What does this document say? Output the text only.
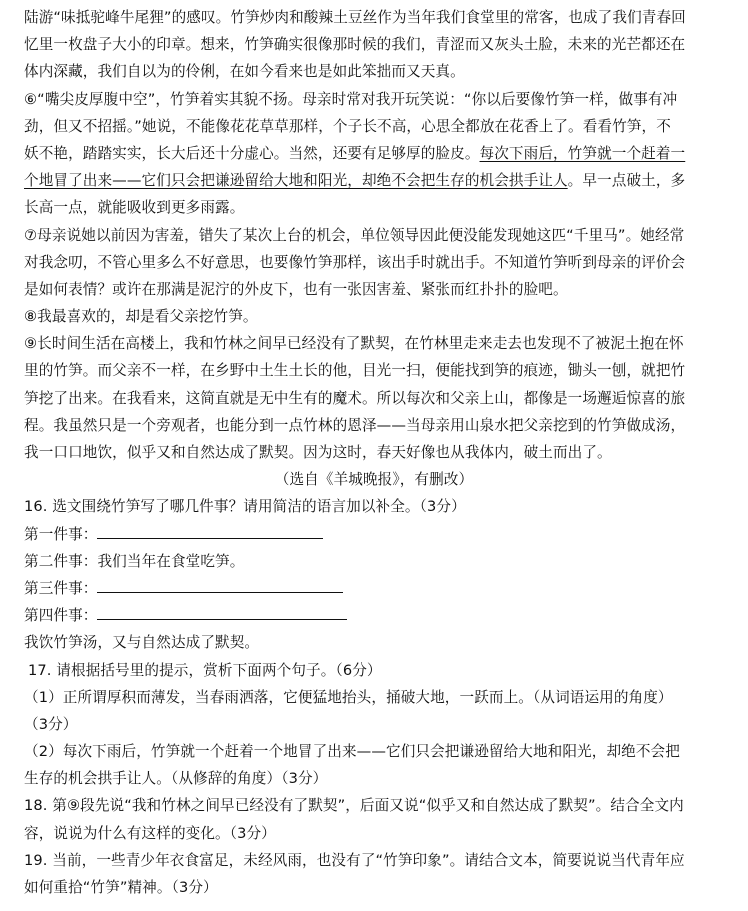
陆游“味抵驼峰牛尾狸”的感叹。竹笋炒肉和酸辣土豆丝作为当年我们食堂里的常客，也成了我们青春回
忆里一枚盘子大小的印章。想来，竹笋确实很像那时候的我们，青涩而又灰头土脸，未来的光芒都还在
体内深藏，我们自以为的伶俐，在如今看来也是如此笨拙而又天真。
⑥“嘴尖皮厚腹中空”，竹笋着实其貌不扬。母亲时常对我开玩笑说：“你以后要像竹笋一样，做事有冲
劲，但又不招摇。”她说，不能像花花草草那样，个子长不高，心思全都放在花香上了。看看竹笋，不
妖不艳，踏踏实实，长大后还十分虚心。当然，还要有足够厚的脸皮。每次下雨后，竹笋就一个赶着一
个地冒了出来——它们只会把谦逊留给大地和阳光，却绝不会把生存的机会拱手让人。早一点破土，多
长高一点，就能吸收到更多雨露。
⑦母亲说她以前因为害羞，错失了某次上台的机会，单位领导因此便没能发现她这匹“千里马”。她经常
对我念叨，不管心里多么不好意思，也要像竹笋那样，该出手时就出手。不知道竹笋听到母亲的评价会
是如何表情？或许在那满是泥泞的外皮下，也有一张因害羞、紧张而红扑扑的脸吧。
⑧我最喜欢的，却是看父亲挖竹笋。
⑨长时间生活在高楼上，我和竹林之间早已经没有了默契，在竹林里走来走去也发现不了被泥土抱在怀
里的竹笋。而父亲不一样，在乡野中土生土长的他，目光一扫，便能找到笋的痕迹，锄头一刨，就把竹
笋挖了出来。在我看来，这简直就是无中生有的魔术。所以每次和父亲上山，都像是一场邂逅惊喜的旅
程。我虽然只是一个旁观者，也能分到一点竹林的恩泽——当母亲用山泉水把父亲挖到的竹笋做成汤，
我一口口地饮，似乎又和自然达成了默契。因为这时，春天好像也从我体内，破土而出了。
（选自《羊城晚报》，有删改）
16. 选文围绕竹笋写了哪几件事？请用简洁的语言加以补全。（3分）
第一件事：
第二件事：我们当年在食堂吃笋。
第三件事：
第四件事：
我饮竹笋汤，又与自然达成了默契。
17. 请根据括号里的提示，赏析下面两个句子。（6分）
（1）正所谓厚积而薄发，当春雨洒落，它便猛地抬头，捅破大地，一跃而上。（从词语运用的角度）
（3分）
（2）每次下雨后，竹笋就一个赶着一个地冒了出来——它们只会把谦逊留给大地和阳光，却绝不会把
生存的机会拱手让人。（从修辞的角度）（3分）
18. 第⑨段先说“我和竹林之间早已经没有了默契”，后面又说“似乎又和自然达成了默契”。结合全文内
容，说说为什么有这样的变化。（3分）
19. 当前，一些青少年衣食富足，未经风雨，也没有了“竹笋印象”。请结合文本，简要说说当代青年应
如何重拾“竹笋”精神。（3分）
